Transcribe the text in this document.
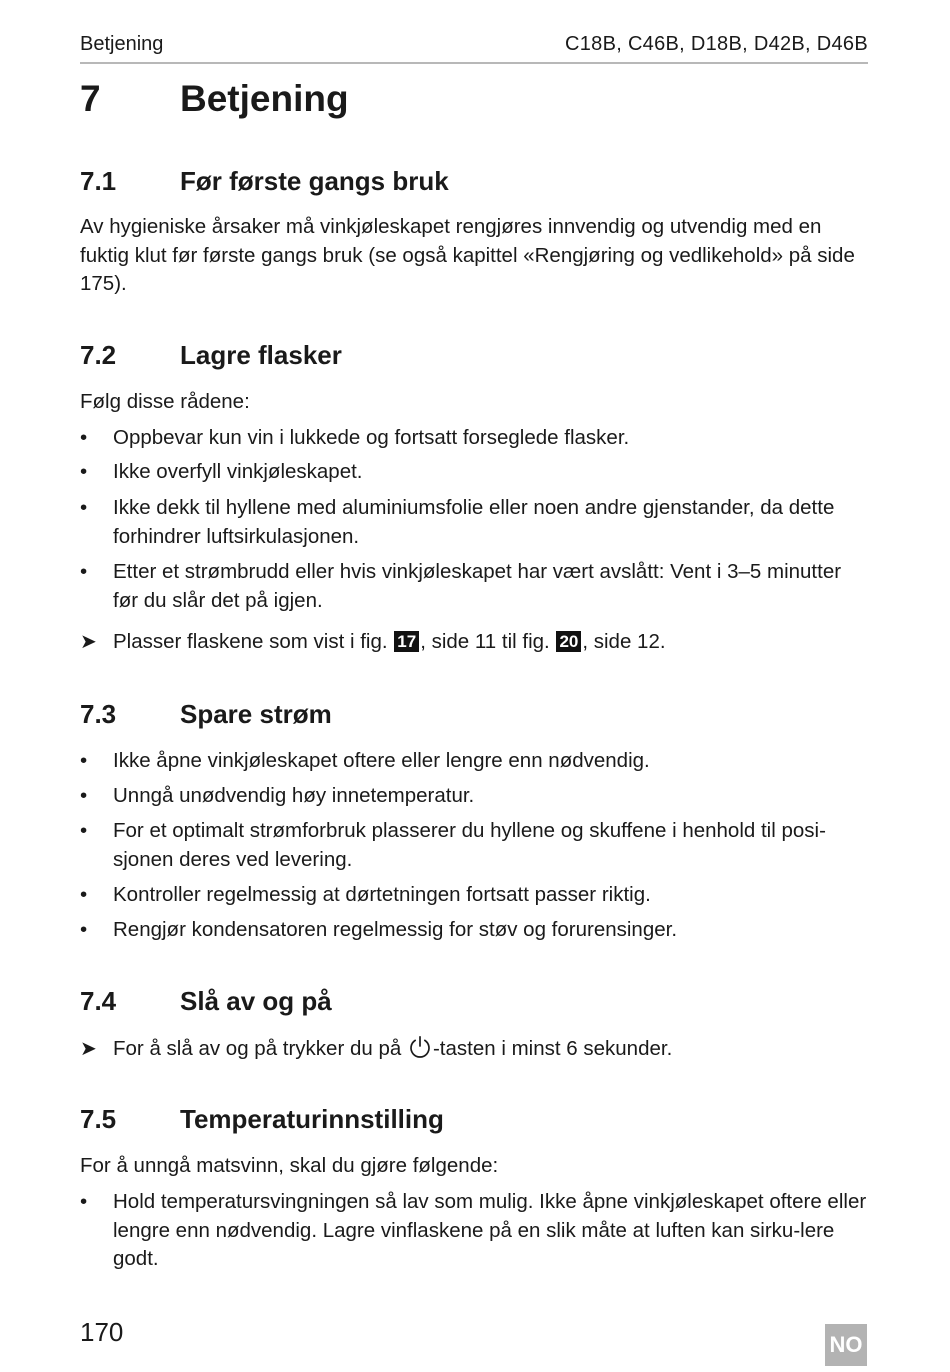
Betjening	C18B, C46B, D18B, D42B, D46B
7 Betjening
7.1 Før første gangs bruk
Av hygieniske årsaker må vinkjøleskapet rengjøres innvendig og utvendig med en fuktig klut før første gangs bruk (se også kapittel «Rengjøring og vedlikehold» på side 175).
7.2 Lagre flasker
Følg disse rådene:
•	Oppbevar kun vin i lukkede og fortsatt forseglede flasker.
•	Ikke overfyll vinkjøleskapet.
•	Ikke dekk til hyllene med aluminiumsfolie eller noen andre gjenstander, da dette forhindrer luftsirkulasjonen.
•	Etter et strømbrudd eller hvis vinkjøleskapet har vært avslått: Vent i 3–5 minutter før du slår det på igjen.
➤ Plasser flaskene som vist i fig. 17 , side 11 til fig. 20 , side 12.
7.3 Spare strøm
•	Ikke åpne vinkjøleskapet oftere eller lengre enn nødvendig.
•	Unngå unødvendig høy innetemperatur.
•	For et optimalt strømforbruk plasserer du hyllene og skuffene i henhold til posi-sjonen deres ved levering.
•	Kontroller regelmessig at dørtetningen fortsatt passer riktig.
•	Rengjør kondensatoren regelmessig for støv og forurensinger.
7.4 Slå av og på
➤ For å slå av og på trykker du på -tasten i minst 6 sekunder.
7.5 Temperaturinnstilling
For å unngå matsvinn, skal du gjøre følgende:
•	Hold temperatursvingningen så lav som mulig. Ikke åpne vinkjøleskapet oftere eller lengre enn nødvendig. Lagre vinflaskene på en slik måte at luften kan sirku-lere godt.
170	NO
